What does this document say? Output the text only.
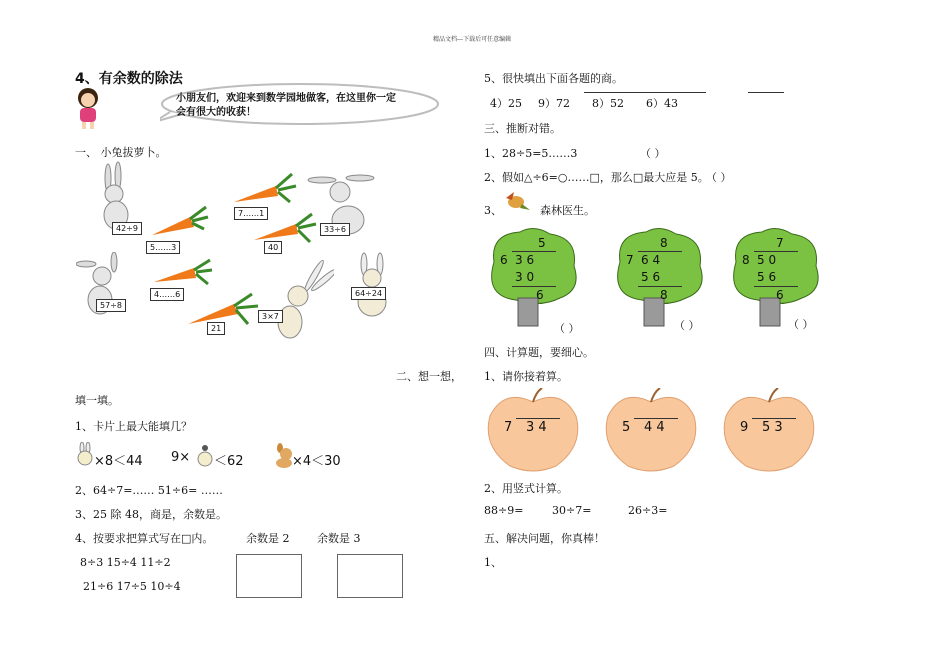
精品文档---下载后可任意编辑
4、有余数的除法
小朋友们，欢迎来到数学园地做客，在这里你一定会有很大的收获！
一、 小兔拔萝卜。
42÷9
5……3
57÷8
4……6
7……1
40
33÷6
64÷24
3×7
21
二、想一想，
填一填。
1、卡片上最大能填几？
×8＜44 9× ＜62	×4＜30
2、64÷7=…… 51÷6= ……
3、25 除 48，商是，余数是。
4、按要求把算式写在□内。	余数是 2	余数是 3
8÷3 15÷4 11÷2
21÷6 17÷5 10÷4
5、很快填出下面各题的商。
4）25 9）72 8）52 6）43
三、推断对错。
1、28÷5=5……3	（ ）
2、假如△÷6=○……□，那么□最大应是 5。
（ ）
3、	森林医生。
5
6 3 6
3 0
6
（ ）
8
7 6 4
5 6
8
（ ）
7
8 5 0
5 6
6
（ ）
四、计算题，要细心。
1、请你接着算。
7 3 4	5 4 4	9 5 3
2、用竖式计算。
88÷9=	30÷7=	26÷3=
五、解决问题，你真棒！
1、
